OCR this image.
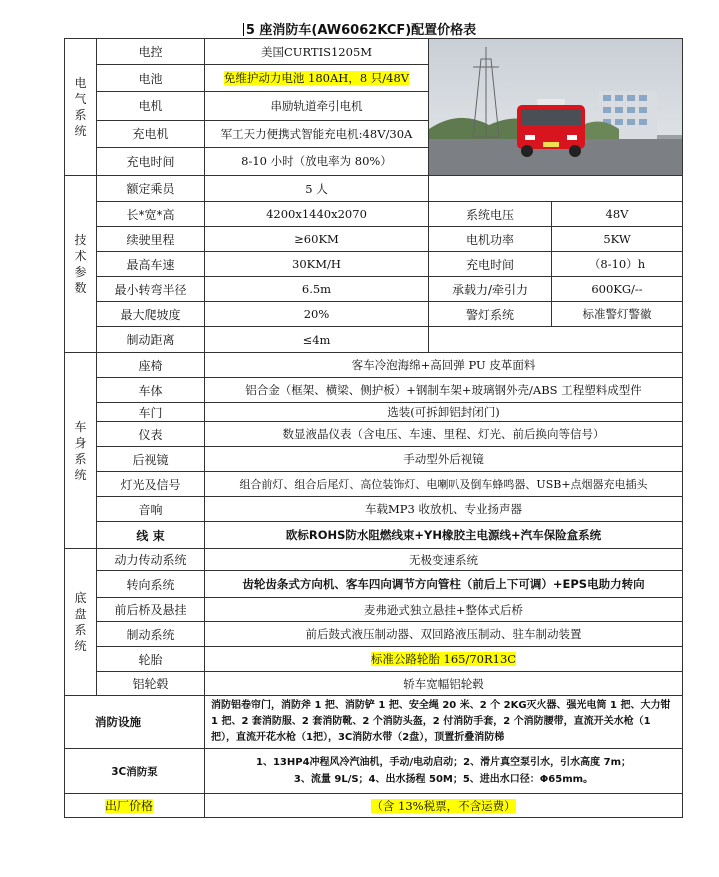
5 座消防车(AW6062KCF)配置价格表
电气系统	电控	美国CURTIS1205M	

	电池	免维护动力电池 180AH，8 只/48V		
	电机	串励轨道牵引电机		
	充电机	军工天力便携式智能充电机:48V/30A		
	充电时间	8-10 小时（放电率为 80%）		

技术参数	额定乘员	5 人		
	长*宽*高	4200x1440x2070	系统电压	48V
	续驶里程	≥60KM	电机功率	5KW
	最高车速	30KM/H	充电时间	（8-10）h
	最小转弯半径	6.5m	承载力/牵引力	600KG/--
	最大爬坡度	20%	警灯系统	标准警灯警徽
	制动距离	≤4m		

车身系统	座椅	客车冷泡海绵+高回弹 PU 皮革面料		
	车体	铝合金（框架、横梁、侧护板）+钢制车架+玻璃钢外壳/ABS 工程塑料成型件		
	车门	选装(可拆卸铝封闭门)		
	仪表	数显液晶仪表（含电压、车速、里程、灯光、前后换向等信号）		
	后视镜	手动型外后视镜		
	灯光及信号	组合前灯、组合后尾灯、高位装饰灯、电喇叭及倒车蜂鸣器、USB+点烟器充电插头		
	音响	车载MP3 收放机、专业扬声器		
	线 束	欧标ROHS防水阻燃线束+YH橡胶主电源线+汽车保险盒系统		

底盘系统	动力传动系统	无极变速系统		
	转向系统	齿轮齿条式方向机、客车四向调节方向管柱（前后上下可调）+EPS电助力转向		
	前后桥及悬挂	麦弗逊式独立悬挂+整体式后桥		
	制动系统	前后鼓式液压制动器、双回路液压制动、驻车制动装置		
	轮胎	标准公路轮胎 165/70R13C		
	铝轮毂	轿车宽幅铝轮毂		
消防设施		消防铝卷帘门，消防斧 1 把、消防铲 1 把、安全绳 20 米、2 个 2KG灭火器、强光电筒 1 把、大力钳 1 把、2 套消防服、2 套消防靴、2 个消防头盔，2 付消防手套，2 个消防腰带，直流开关水枪（1 把），直流开花水枪（1把），3C消防水带（2盘），顶置折叠消防梯		
3C消防泵		1、13HP4冲程风冷汽油机，手动/电动启动；2、滑片真空泵引水，引水高度 7m；
3、流量 9L/S；4、出水扬程 50M；5、进出水口径：Φ65mm。		

出厂价格		（含 13%税票，不含运费）		
